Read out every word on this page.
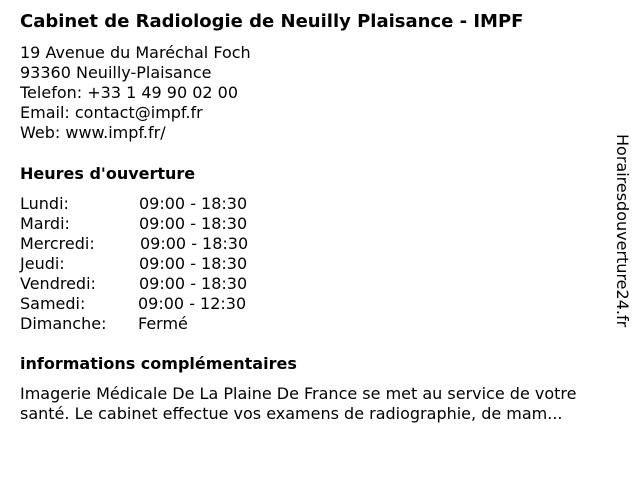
Cabinet de Radiologie de Neuilly Plaisance - IMPF
19 Avenue du Maréchal Foch
93360 Neuilly-Plaisance
Telefon: +33 1 49 90 02 00
Email: contact@impf.fr
Web: www.impf.fr/
Heures d'ouverture
Lundi:	09:00 - 18:30
Mardi:	09:00 - 18:30
Mercredi:	09:00 - 18:30
Jeudi:	09:00 - 18:30
Vendredi:	09:00 - 18:30
Samedi:	09:00 - 12:30
Dimanche: Fermé
informations complémentaires
Imagerie Médicale De La Plaine De France se met au service de votre
santé. Le cabinet effectue vos examens de radiographie, de mam...
Horairesdouverture24.fr
